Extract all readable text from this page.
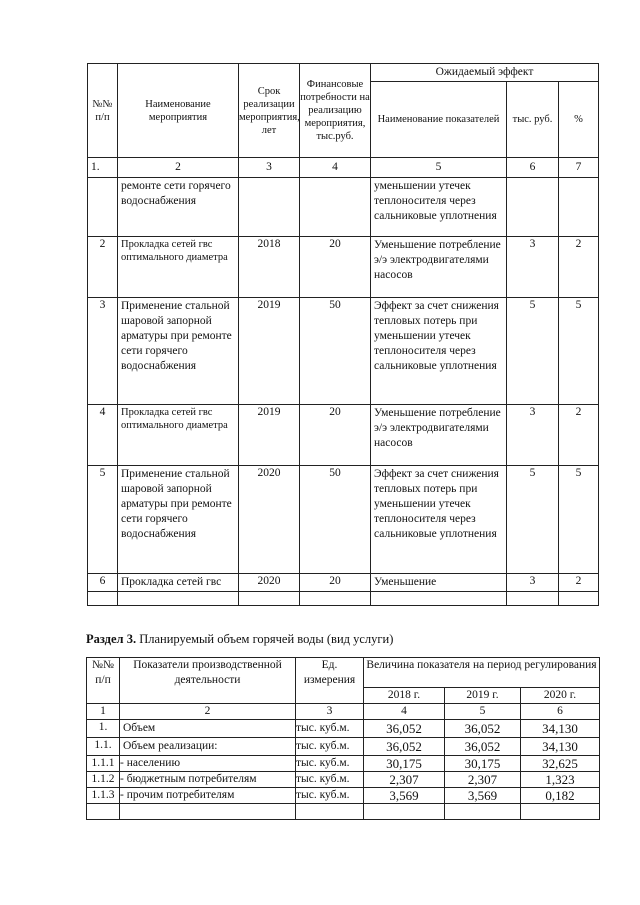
№№ п/п	Наименование мероприятия	Срок реализации мероприятия, лет	Финансовые потребности на реализацию мероприятия, тыс.руб.	Ожидаемый эффект		
				Наименование показателей	тыс. руб.	%
1.	2	3	4	5	6	7
	ремонте сети горячего водоснабжения			уменьшении утечек теплоносителя через сальниковые уплотнения		
2	Прокладка сетей гвс оптимального диаметра	2018	20	Уменьшение потребление э/э электродвигателями насосов	3	2
3	Применение стальной шаровой запорной арматуры при ремонте сети горячего водоснабжения	2019	50	Эффект за счет снижения тепловых потерь при уменьшении утечек теплоносителя через сальниковые уплотнения	5	5
4	Прокладка сетей гвс оптимального диаметра	2019	20	Уменьшение потребление э/э электродвигателями насосов	3	2
5	Применение стальной шаровой запорной арматуры при ремонте сети горячего водоснабжения	2020	50	Эффект за счет снижения тепловых потерь при уменьшении утечек теплоносителя через сальниковые уплотнения	5	5
6	Прокладка сетей гвс	2020	20	Уменьшение	3	2

Раздел 3. Планируемый объем горячей воды (вид услуги)
№№ п/п	Показатели производственной деятельности	Ед. измерения	Величина показателя на период регулирования		
			2018 г.	2019 г.	2020 г.
1	2	3	4	5	6
1.	Объем	тыс. куб.м.	36,052	36,052	34,130
1.1.	Объем реализации:	тыс. куб.м.	36,052	36,052	34,130
1.1.1	- населению	тыс. куб.м.	30,175	30,175	32,625
1.1.2	- бюджетным потребителям	тыс. куб.м.	2,307	2,307	1,323
1.1.3	- прочим потребителям	тыс. куб.м.	3,569	3,569	0,182
